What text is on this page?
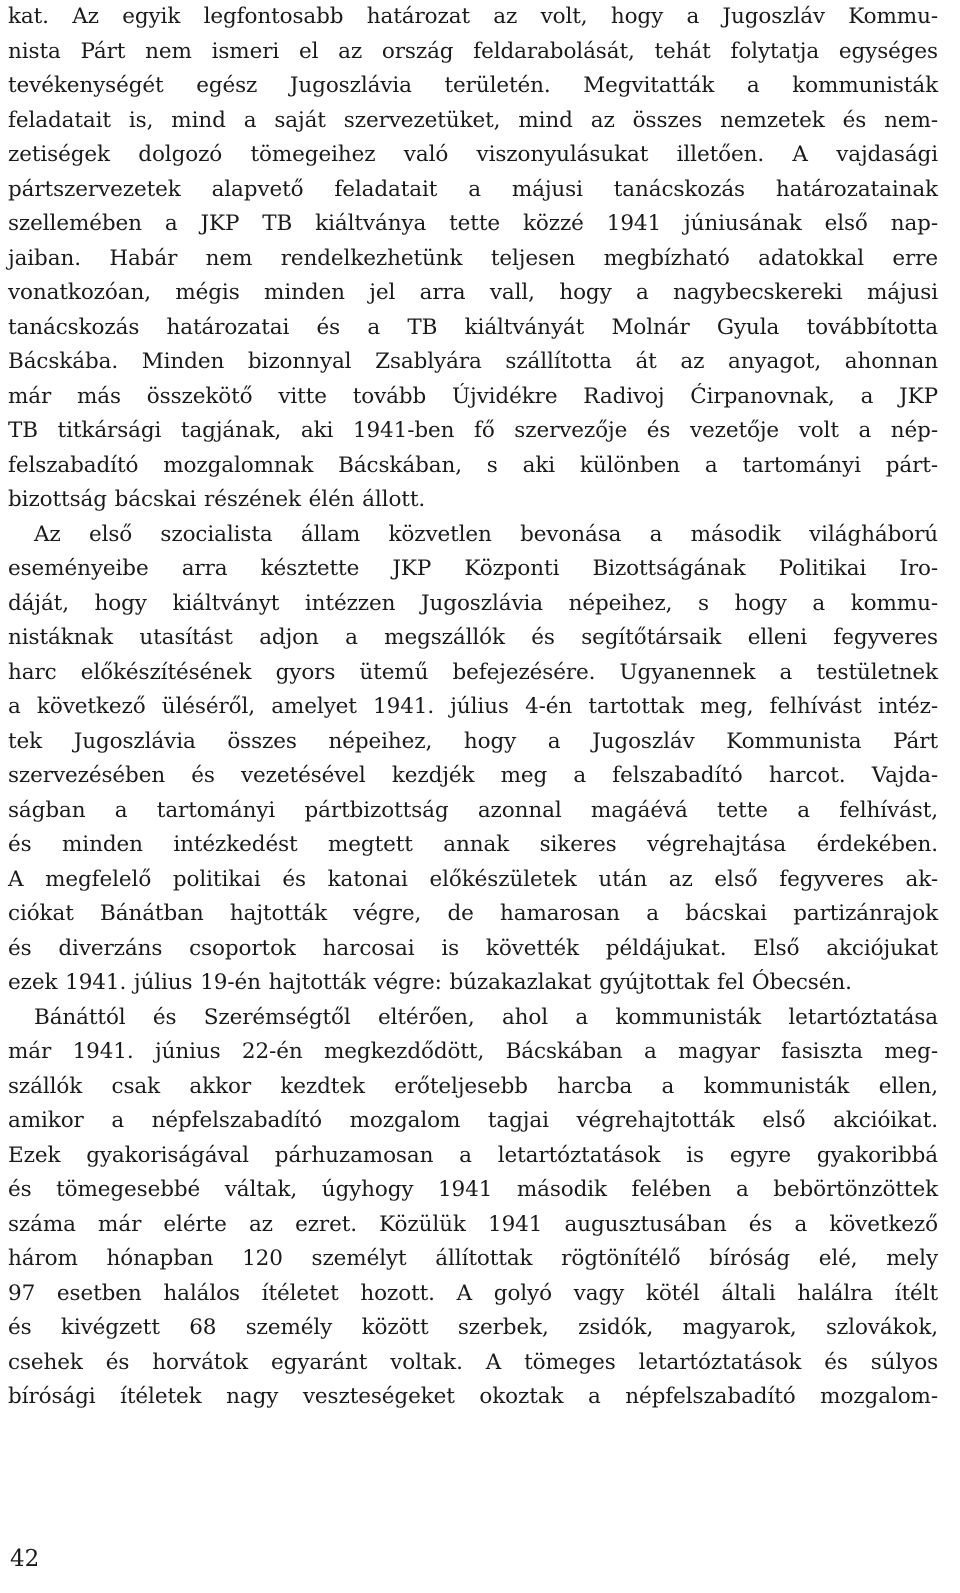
kat. Az egyik legfontosabb határozat az volt, hogy a Jugoszláv Kommu-
nista Párt nem ismeri el az ország feldarabolását, tehát folytatja egységes
tevékenységét egész Jugoszlávia területén. Megvitatták a kommunisták
feladatait is, mind a saját szervezetüket, mind az összes nemzetek és nem-
zetiségek dolgozó tömegeihez való viszonyulásukat illetően. A vajdasági
pártszervezetek alapvető feladatait a májusi tanácskozás határozatainak
szellemében a JKP TB kiáltványa tette közzé 1941 júniusának első nap-
jaiban. Habár nem rendelkezhetünk teljesen megbízható adatokkal erre
vonatkozóan, mégis minden jel arra vall, hogy a nagybecskereki májusi
tanácskozás határozatai és a TB kiáltványát Molnár Gyula továbbította
Bácskába. Minden bizonnyal Zsablyára szállította át az anyagot, ahonnan
már más összekötő vitte tovább Újvidékre Radivoj Ćirpanovnak, a JKP
TB titkársági tagjának, aki 1941-ben fő szervezője és vezetője volt a nép-
felszabadító mozgalomnak Bácskában, s aki különben a tartományi párt-
bizottság bácskai részének élén állott.
Az első szocialista állam közvetlen bevonása a második világháború
eseményeibe arra késztette JKP Központi Bizottságának Politikai Iro-
dáját, hogy kiáltványt intézzen Jugoszlávia népeihez, s hogy a kommu-
nistáknak utasítást adjon a megszállók és segítőtársaik elleni fegyveres
harc előkészítésének gyors ütemű befejezésére. Ugyanennek a testületnek
a következő üléséről, amelyet 1941. július 4-én tartottak meg, felhívást intéz-
tek Jugoszlávia összes népeihez, hogy a Jugoszláv Kommunista Párt
szervezésében és vezetésével kezdjék meg a felszabadító harcot. Vajda-
ságban a tartományi pártbizottság azonnal magáévá tette a felhívást,
és minden intézkedést megtett annak sikeres végrehajtása érdekében.
A megfelelő politikai és katonai előkészületek után az első fegyveres ak-
ciókat Bánátban hajtották végre, de hamarosan a bácskai partizánrajok
és diverzáns csoportok harcosai is követték példájukat. Első akciójukat
ezek 1941. július 19-én hajtották végre: búzakazlakat gyújtottak fel Óbecsén.
Bánáttól és Szerémségtől eltérően, ahol a kommunisták letartóztatása
már 1941. június 22-én megkezdődött, Bácskában a magyar fasiszta meg-
szállók csak akkor kezdtek erőteljesebb harcba a kommunisták ellen,
amikor a népfelszabadító mozgalom tagjai végrehajtották első akcióikat.
Ezek gyakoriságával párhuzamosan a letartóztatások is egyre gyakoribbá
és tömegesebbé váltak, úgyhogy 1941 második felében a bebörtönzöttek
száma már elérte az ezret. Közülük 1941 augusztusában és a következő
három hónapban 120 személyt állítottak rögtönítélő bíróság elé, mely
97 esetben halálos ítéletet hozott. A golyó vagy kötél általi halálra ítélt
és kivégzett 68 személy között szerbek, zsidók, magyarok, szlovákok,
csehek és horvátok egyaránt voltak. A tömeges letartóztatások és súlyos
bírósági ítéletek nagy veszteségeket okoztak a népfelszabadító mozgalom-
42
